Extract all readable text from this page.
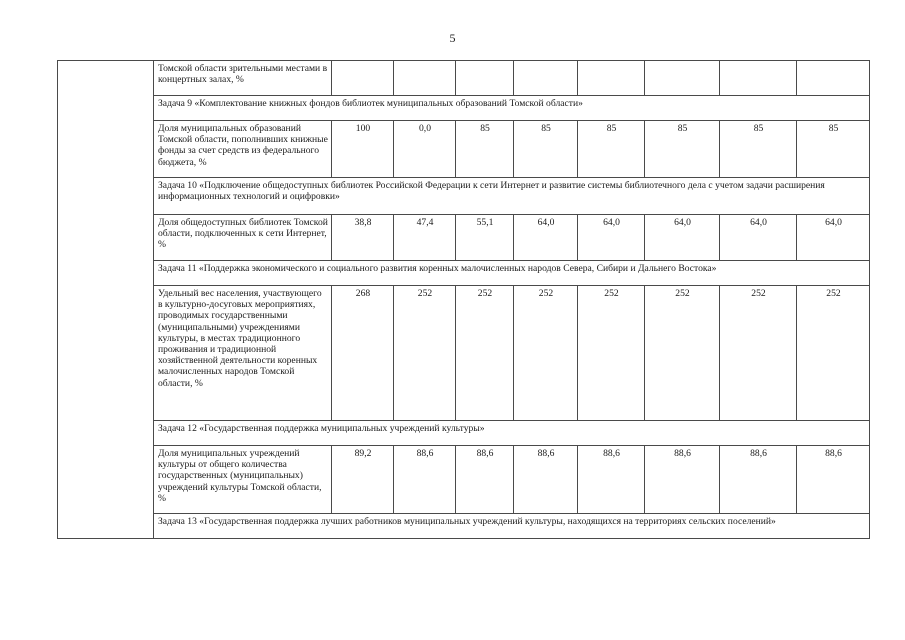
5
	Томской области зрительными местами в концертных залах, %								
	Задача 9 «Комплектование книжных фондов библиотек муниципальных образований Томской области»								
	Доля муниципальных образований Томской области, пополнивших книжные фонды за счет средств из федерального бюджета, %	100	0,0	85	85	85	85	85	85
	Задача 10 «Подключение общедоступных библиотек Российской Федерации к сети Интернет и развитие системы библиотечного дела с учетом задачи расширения информационных технологий и оцифровки»								
	Доля общедоступных библиотек Томской области, подключенных к сети Интернет, %	38,8	47,4	55,1	64,0	64,0	64,0	64,0	64,0
	Задача 11 «Поддержка экономического и социального развития коренных малочисленных народов Севера, Сибири и Дальнего Востока»								
	Удельный вес населения, участвующего в культурно-досуговых мероприятиях, проводимых государственными (муниципальными) учреждениями культуры, в местах традиционного проживания и традиционной хозяйственной деятельности коренных малочисленных народов Томской области, %	268	252	252	252	252	252	252	252
	Задача 12 «Государственная поддержка муниципальных учреждений культуры»								
	Доля муниципальных учреждений культуры от общего количества государственных (муниципальных) учреждений культуры Томской области, %	89,2	88,6	88,6	88,6	88,6	88,6	88,6	88,6
	Задача 13 «Государственная поддержка лучших работников муниципальных учреждений культуры, находящихся на территориях сельских поселений»								
